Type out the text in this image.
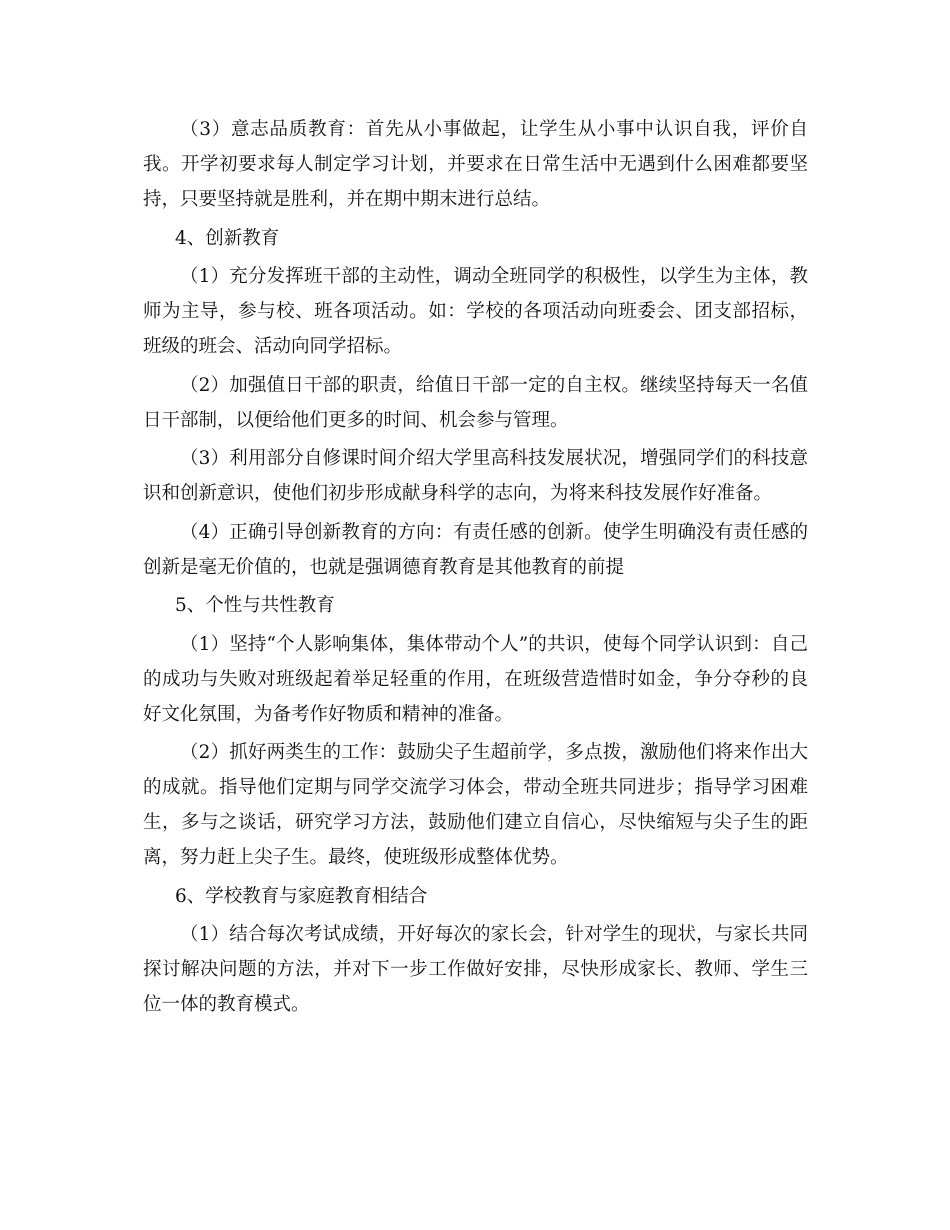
（3）意志品质教育：首先从小事做起，让学生从小事中认识自我，评价自我。开学初要求每人制定学习计划，并要求在日常生活中无遇到什么困难都要坚持，只要坚持就是胜利，并在期中期末进行总结。

4、创新教育

（1）充分发挥班干部的主动性，调动全班同学的积极性，以学生为主体，教师为主导，参与校、班各项活动。如：学校的各项活动向班委会、团支部招标，班级的班会、活动向同学招标。

（2）加强值日干部的职责，给值日干部一定的自主权。继续坚持每天一名值日干部制，以便给他们更多的时间、机会参与管理。

（3）利用部分自修课时间介绍大学里高科技发展状况，增强同学们的科技意识和创新意识，使他们初步形成献身科学的志向，为将来科技发展作好准备。

（4）正确引导创新教育的方向：有责任感的创新。使学生明确没有责任感的创新是毫无价值的，也就是强调德育教育是其他教育的前提

5、个性与共性教育

（1）坚持“个人影响集体，集体带动个人”的共识，使每个同学认识到：自己的成功与失败对班级起着举足轻重的作用，在班级营造惜时如金，争分夺秒的良好文化氛围，为备考作好物质和精神的准备。

（2）抓好两类生的工作：鼓励尖子生超前学，多点拨，激励他们将来作出大的成就。指导他们定期与同学交流学习体会，带动全班共同进步；指导学习困难生，多与之谈话，研究学习方法，鼓励他们建立自信心，尽快缩短与尖子生的距离，努力赶上尖子生。最终，使班级形成整体优势。

6、学校教育与家庭教育相结合

（1）结合每次考试成绩，开好每次的家长会，针对学生的现状，与家长共同探讨解决问题的方法，并对下一步工作做好安排，尽快形成家长、教师、学生三位一体的教育模式。
